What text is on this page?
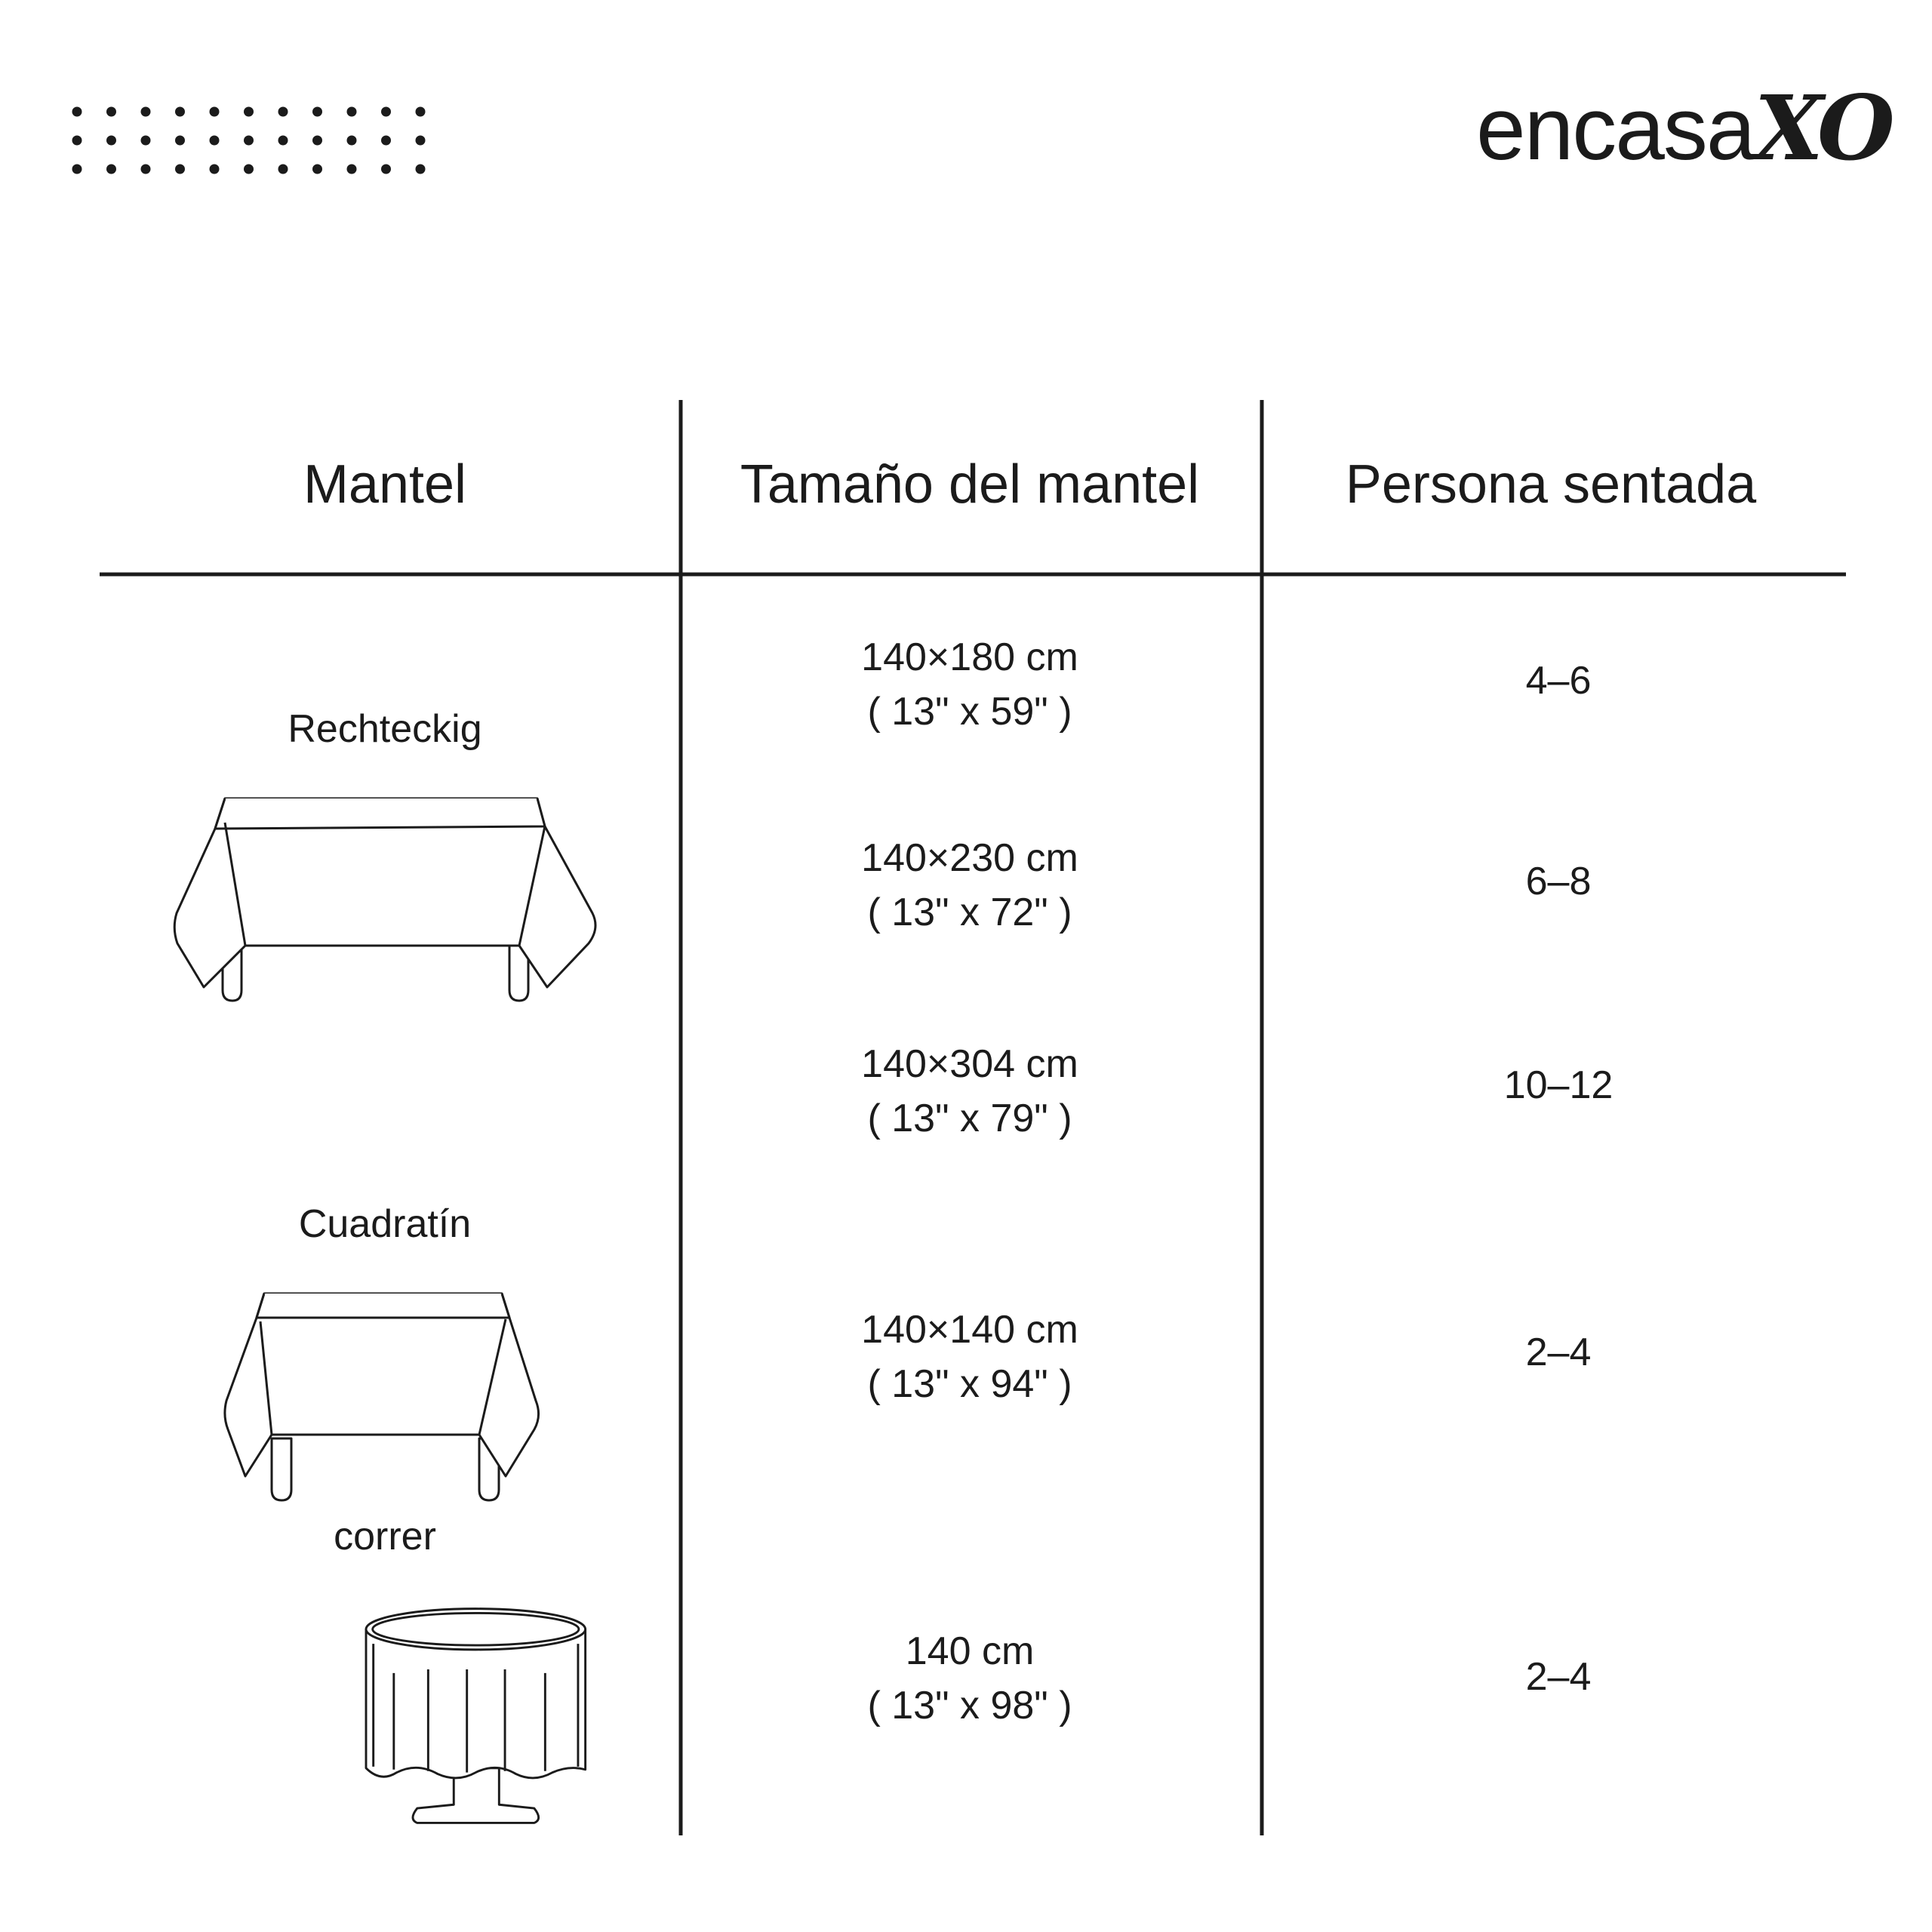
encasaXO
Mantel	Tamaño del mantel	Persona sentada
Rechteckig
Cuadratín
correr
140×180 cm
( 13" x 59" )
140×230 cm
( 13" x 72" )
140×304 cm
( 13" x 79" )
140×140 cm
( 13" x 94" )
140 cm
( 13" x 98" )
4–6
6–8
10–12
2–4
2–4
